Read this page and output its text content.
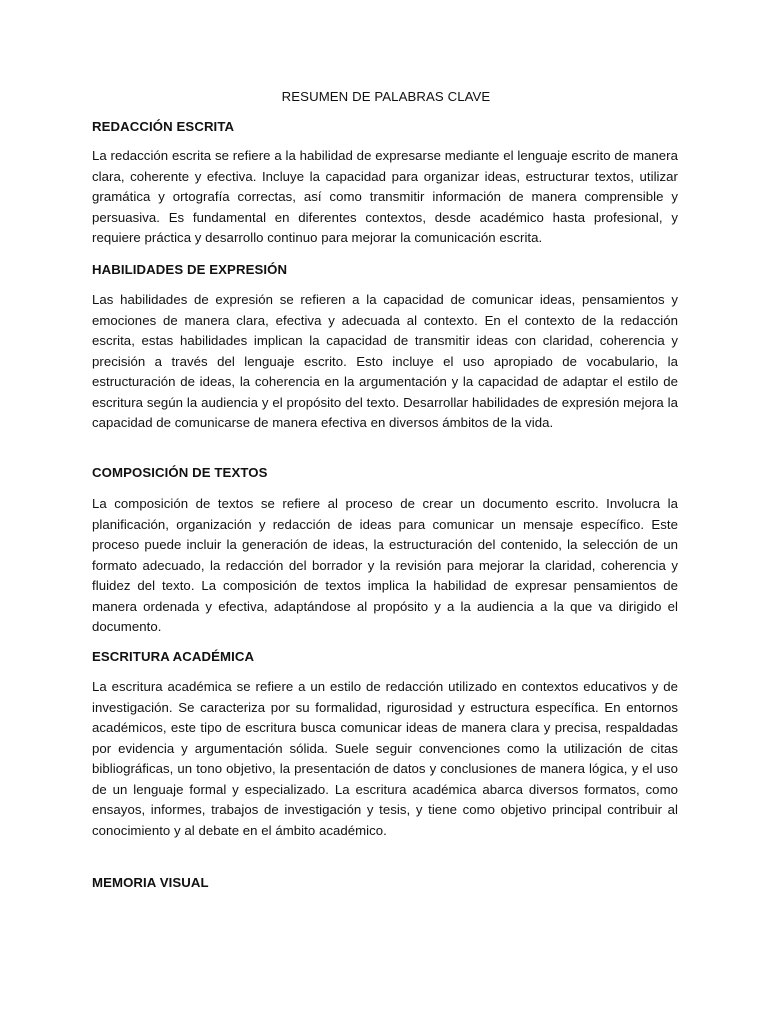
RESUMEN DE PALABRAS CLAVE
REDACCIÓN ESCRITA

La redacción escrita se refiere a la habilidad de expresarse mediante el lenguaje escrito de manera clara, coherente y efectiva. Incluye la capacidad para organizar ideas, estructurar textos, utilizar gramática y ortografía correctas, así como transmitir información de manera comprensible y persuasiva. Es fundamental en diferentes contextos, desde académico hasta profesional, y requiere práctica y desarrollo continuo para mejorar la comunicación escrita.

HABILIDADES DE EXPRESIÓN

Las habilidades de expresión se refieren a la capacidad de comunicar ideas, pensamientos y emociones de manera clara, efectiva y adecuada al contexto. En el contexto de la redacción escrita, estas habilidades implican la capacidad de transmitir ideas con claridad, coherencia y precisión a través del lenguaje escrito. Esto incluye el uso apropiado de vocabulario, la estructuración de ideas, la coherencia en la argumentación y la capacidad de adaptar el estilo de escritura según la audiencia y el propósito del texto. Desarrollar habilidades de expresión mejora la capacidad de comunicarse de manera efectiva en diversos ámbitos de la vida.

COMPOSICIÓN DE TEXTOS

La composición de textos se refiere al proceso de crear un documento escrito. Involucra la planificación, organización y redacción de ideas para comunicar un mensaje específico. Este proceso puede incluir la generación de ideas, la estructuración del contenido, la selección de un formato adecuado, la redacción del borrador y la revisión para mejorar la claridad, coherencia y fluidez del texto. La composición de textos implica la habilidad de expresar pensamientos de manera ordenada y efectiva, adaptándose al propósito y a la audiencia a la que va dirigido el documento.

ESCRITURA ACADÉMICA

La escritura académica se refiere a un estilo de redacción utilizado en contextos educativos y de investigación. Se caracteriza por su formalidad, rigurosidad y estructura específica. En entornos académicos, este tipo de escritura busca comunicar ideas de manera clara y precisa, respaldadas por evidencia y argumentación sólida. Suele seguir convenciones como la utilización de citas bibliográficas, un tono objetivo, la presentación de datos y conclusiones de manera lógica, y el uso de un lenguaje formal y especializado. La escritura académica abarca diversos formatos, como ensayos, informes, trabajos de investigación y tesis, y tiene como objetivo principal contribuir al conocimiento y al debate en el ámbito académico.

MEMORIA VISUAL
